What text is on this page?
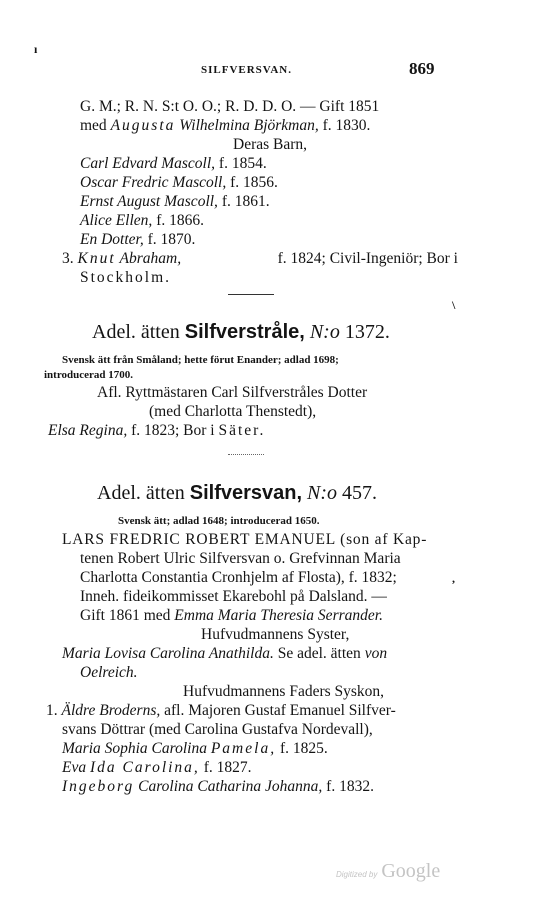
ı
SILFVERSVAN.	869
G. M.; R. N. S:t O. O.; R. D. D. O. — Gift 1851
med Augusta Wilhelmina Björkman, f. 1830.
Deras Barn,
Carl Edvard Mascoll, f. 1854.
Oscar Fredric Mascoll, f. 1856.
Ernst August Mascoll, f. 1861.
Alice Ellen, f. 1866.
En Dotter, f. 1870.
3. Knut Abraham,	f. 1824; Civil-Ingeniör; Bor i
Stockholm.
\
Adel. ätten Silfverstråle, N:o 1372.
Svensk ätt från Småland; hette förut Enander; adlad 1698;
introducerad 1700.
Afl. Ryttmästaren Carl Silfverstråles Dotter
(med Charlotta Thenstedt),
Elsa Regina, f. 1823; Bor i Säter.
Adel. ätten Silfversvan, N:o 457.
Svensk ätt; adlad 1648; introducerad 1650.
LARS FREDRIC ROBERT EMANUEL (son af Kap-
tenen Robert Ulric Silfversvan o. Grefvinnan Maria
Charlotta Constantia Cronhjelm af Flosta), f. 1832;	,
Inneh. fideikommisset Ekarebohl på Dalsland. —
Gift 1861 med Emma Maria Theresia Serrander.
Hufvudmannens Syster,
Maria Lovisa Carolina Anathilda. Se adel. ätten von
Oelreich.
Hufvudmannens Faders Syskon,
1. Äldre Broderns, afl. Majoren Gustaf Emanuel Silfver-
svans Döttrar (med Carolina Gustafva Nordevall),
Maria Sophia Carolina Pamela, f. 1825.
Eva Ida Carolina, f. 1827.
Ingeborg Carolina Catharina Johanna, f. 1832.
Digitized by Google
